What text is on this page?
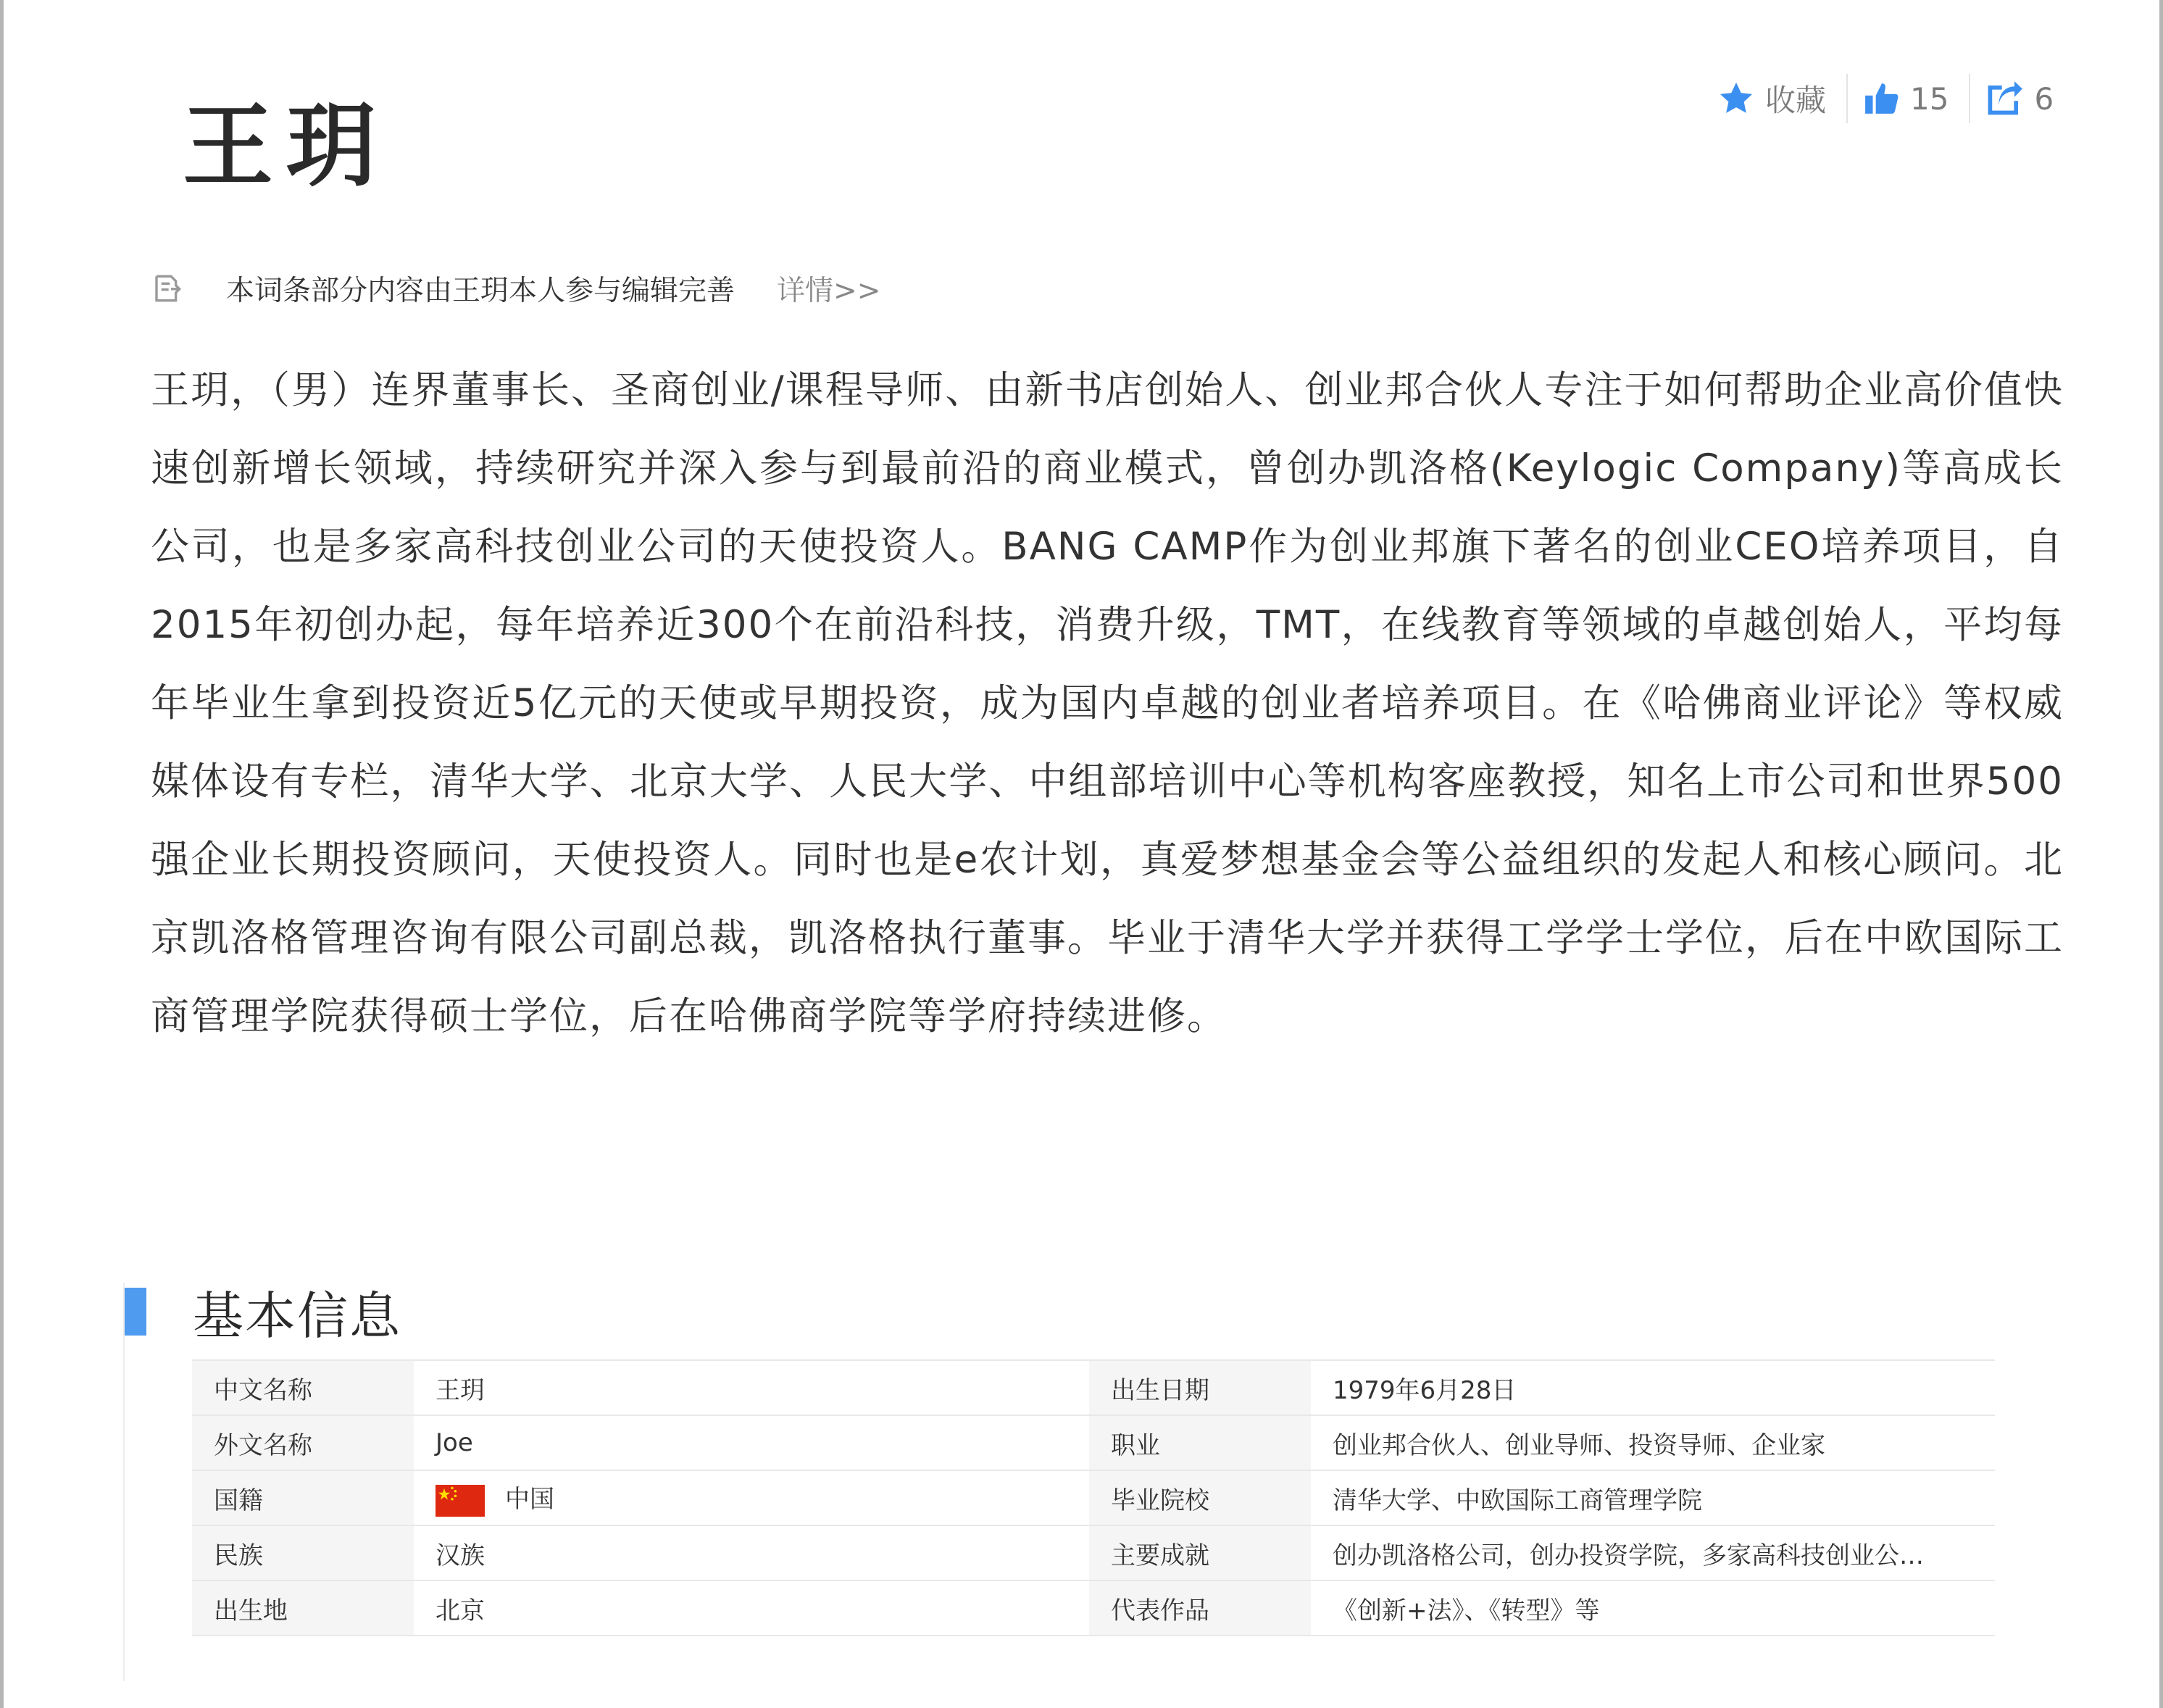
王玥	收藏	15	6
本词条部分内容由王玥本人参与编辑完善 详情>>
王玥，（男）连界董事长、圣商创业/课程导师、由新书店创始人、创业邦合伙人专注于如何帮助企业高价值快速创新增长领域，持续研究并深入参与到最前沿的商业模式，曾创办凯洛格(Keylogic Company)等高成长公司，也是多家高科技创业公司的天使投资人。BANG CAMP作为创业邦旗下著名的创业CEO培养项目，自2015年初创办起，每年培养近300个在前沿科技，消费升级，TMT，在线教育等领域的卓越创始人，平均每年毕业生拿到投资近5亿元的天使或早期投资，成为国内卓越的创业者培养项目。在《哈佛商业评论》等权威媒体设有专栏，清华大学、北京大学、人民大学、中组部培训中心等机构客座教授，知名上市公司和世界500强企业长期投资顾问，天使投资人。同时也是e农计划，真爱梦想基金会等公益组织的发起人和核心顾问。北京凯洛格管理咨询有限公司副总裁，凯洛格执行董事。毕业于清华大学并获得工学学士学位，后在中欧国际工商管理学院获得硕士学位，后在哈佛商学院等学府持续进修。
基本信息
中文名称	王玥	出生日期	1979年6月28日
外文名称	Joe	职业	创业邦合伙人、创业导师、投资导师、企业家
国籍	中国	毕业院校	清华大学、中欧国际工商管理学院
民族	汉族	主要成就	创办凯洛格公司，创办投资学院，多家高科技创业公…
出生地	北京	代表作品	《创新+法》、《转型》等
